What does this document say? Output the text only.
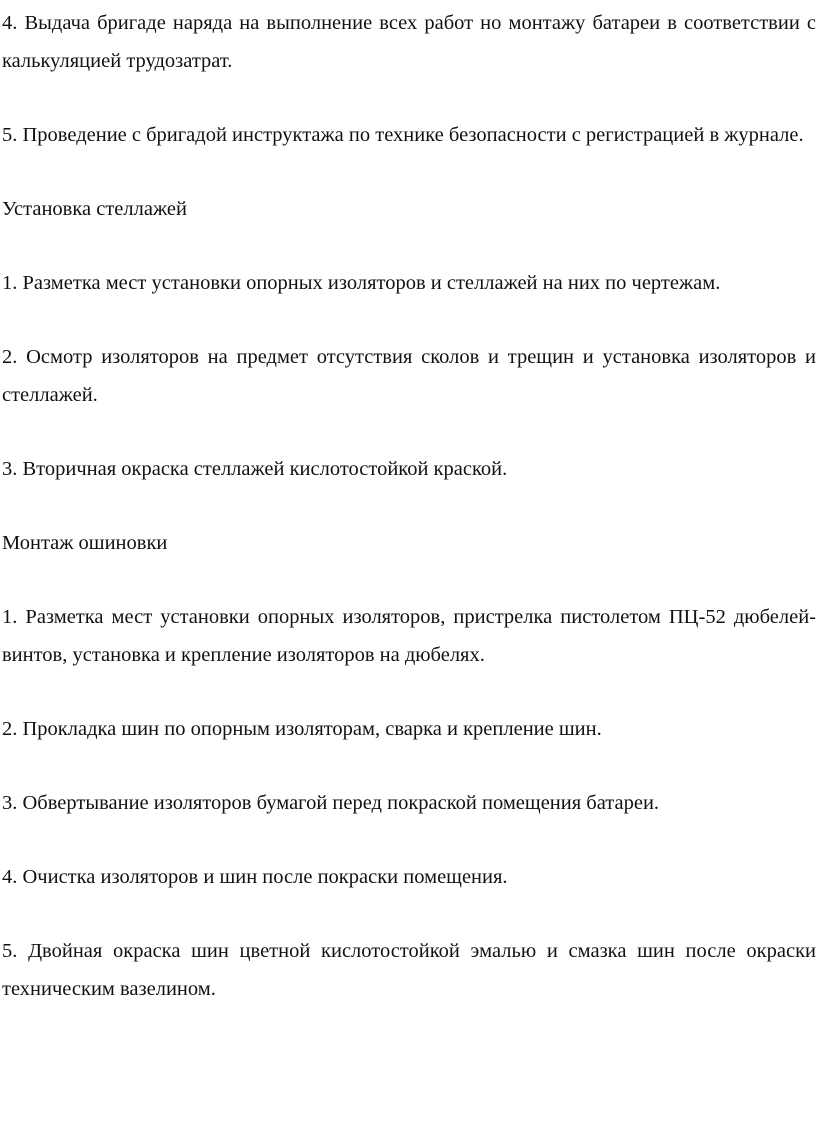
4. Выдача бригаде наряда на выполнение всех работ но монтажу батареи в соответствии с калькуляцией трудозатрат.

5. Проведение с бригадой инструктажа по технике безопасности с регистрацией в журнале.

Установка стеллажей

1. Разметка мест установки опорных изоляторов и стеллажей на них по чертежам.

2. Осмотр изоляторов на предмет отсутствия сколов и трещин и установка изоляторов и стеллажей.

3. Вторичная окраска стеллажей кислотостойкой краской.

Монтаж ошиновки

1. Разметка мест установки опорных изоляторов, пристрелка пистолетом ПЦ-52 дюбелей-винтов, установка и крепление изоляторов на дюбелях.

2. Прокладка шин по опорным изоляторам, сварка и крепление шин.

3. Обвертывание изоляторов бумагой перед покраской помещения батареи.

4. Очистка изоляторов и шин после покраски помещения.

5. Двойная окраска шин цветной кислотостойкой эмалью и смазка шин после окраски техническим вазелином.
